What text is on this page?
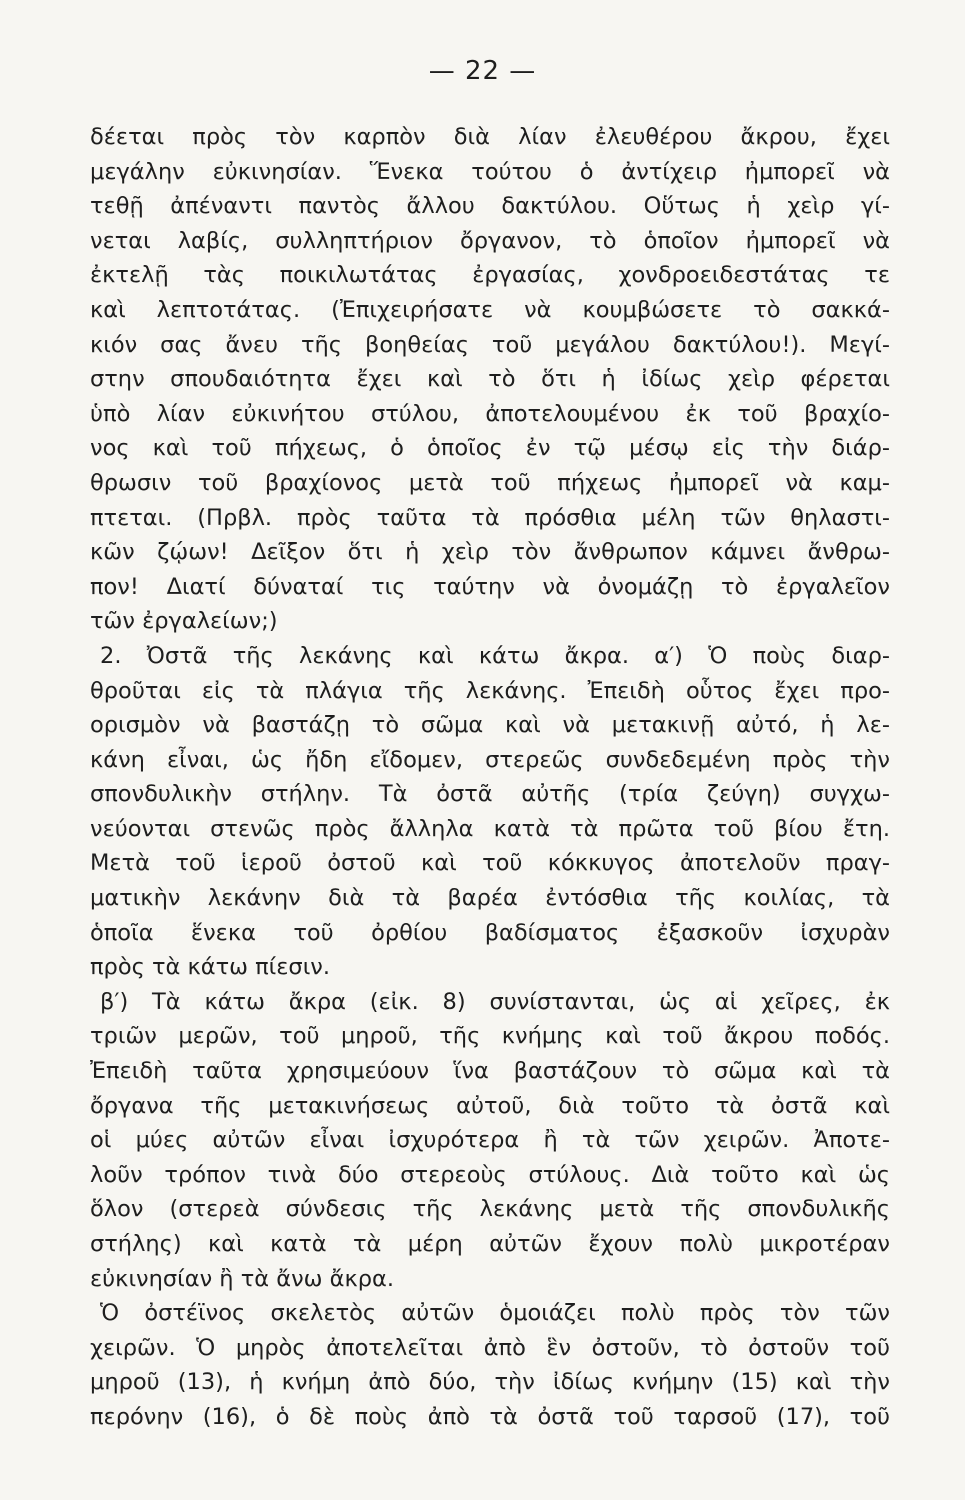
— 22 —
δέεται πρὸς τὸν καρπὸν διὰ λίαν ἐλευθέρου ἄκρου, ἔχει
μεγάλην εὐκινησίαν. Ἕνεκα τούτου ὁ ἀντίχειρ ἠμπορεῖ νὰ
τεθῇ ἀπέναντι παντὸς ἄλλου δακτύλου. Οὕτως ἡ χεὶρ γί-
νεται λαβίς, συλληπτήριον ὄργανον, τὸ ὁποῖον ἠμπορεῖ νὰ
ἐκτελῇ τὰς ποικιλωτάτας ἐργασίας, χονδροειδεστάτας τε
καὶ λεπτοτάτας. (Ἐπιχειρήσατε νὰ κουμβώσετε τὸ σακκά-
κιόν σας ἄνευ τῆς βοηθείας τοῦ μεγάλου δακτύλου!). Μεγί-
στην σπουδαιότητα ἔχει καὶ τὸ ὅτι ἡ ἰδίως χεὶρ φέρεται
ὑπὸ λίαν εὐκινήτου στύλου, ἀποτελουμένου ἐκ τοῦ βραχίο-
νος καὶ τοῦ πήχεως, ὁ ὁποῖος ἐν τῷ μέσῳ εἰς τὴν διάρ-
θρωσιν τοῦ βραχίονος μετὰ τοῦ πήχεως ἠμπορεῖ νὰ καμ-
πτεται. (Πρβλ. πρὸς ταῦτα τὰ πρόσθια μέλη τῶν θηλαστι-
κῶν ζῴων! Δεῖξον ὅτι ἡ χεὶρ τὸν ἄνθρωπον κάμνει ἄνθρω-
πον! Διατί δύναταί τις ταύτην νὰ ὀνομάζῃ τὸ ἐργαλεῖον
τῶν ἐργαλείων;)
2. Ὀστᾶ τῆς λεκάνης καὶ κάτω ἄκρα. α′) Ὁ ποὺς διαρ-
θροῦται εἰς τὰ πλάγια τῆς λεκάνης. Ἐπειδὴ οὗτος ἔχει προ-
ορισμὸν νὰ βαστάζῃ τὸ σῶμα καὶ νὰ μετακινῇ αὐτό, ἡ λε-
κάνη εἶναι, ὡς ἤδη εἴδομεν, στερεῶς συνδεδεμένη πρὸς τὴν
σπονδυλικὴν στήλην. Τὰ ὀστᾶ αὐτῆς (τρία ζεύγη) συγχω-
νεύονται στενῶς πρὸς ἄλληλα κατὰ τὰ πρῶτα τοῦ βίου ἔτη.
Μετὰ τοῦ ἱεροῦ ὀστοῦ καὶ τοῦ κόκκυγος ἀποτελοῦν πραγ-
ματικὴν λεκάνην διὰ τὰ βαρέα ἐντόσθια τῆς κοιλίας, τὰ
ὁποῖα ἕνεκα τοῦ ὀρθίου βαδίσματος ἐξασκοῦν ἰσχυρὰν
πρὸς τὰ κάτω πίεσιν.
β′) Τὰ κάτω ἄκρα (εἰκ. 8) συνίστανται, ὡς αἱ χεῖρες, ἐκ
τριῶν μερῶν, τοῦ μηροῦ, τῆς κνήμης καὶ τοῦ ἄκρου ποδός.
Ἐπειδὴ ταῦτα χρησιμεύουν ἵνα βαστάζουν τὸ σῶμα καὶ τὰ
ὄργανα τῆς μετακινήσεως αὐτοῦ, διὰ τοῦτο τὰ ὀστᾶ καὶ
οἱ μύες αὐτῶν εἶναι ἰσχυρότερα ἢ τὰ τῶν χειρῶν. Ἀποτε-
λοῦν τρόπον τινὰ δύο στερεοὺς στύλους. Διὰ τοῦτο καὶ ὡς
ὅλον (στερεὰ σύνδεσις τῆς λεκάνης μετὰ τῆς σπονδυλικῆς
στήλης) καὶ κατὰ τὰ μέρη αὐτῶν ἔχουν πολὺ μικροτέραν
εὐκινησίαν ἢ τὰ ἄνω ἄκρα.
Ὁ ὀστέϊνος σκελετὸς αὐτῶν ὁμοιάζει πολὺ πρὸς τὸν τῶν
χειρῶν. Ὁ μηρὸς ἀποτελεῖται ἀπὸ ἓν ὀστοῦν, τὸ ὀστοῦν τοῦ
μηροῦ (13), ἡ κνήμη ἀπὸ δύο, τὴν ἰδίως κνήμην (15) καὶ τὴν
περόνην (16), ὁ δὲ ποὺς ἀπὸ τὰ ὀστᾶ τοῦ ταρσοῦ (17), τοῦ
